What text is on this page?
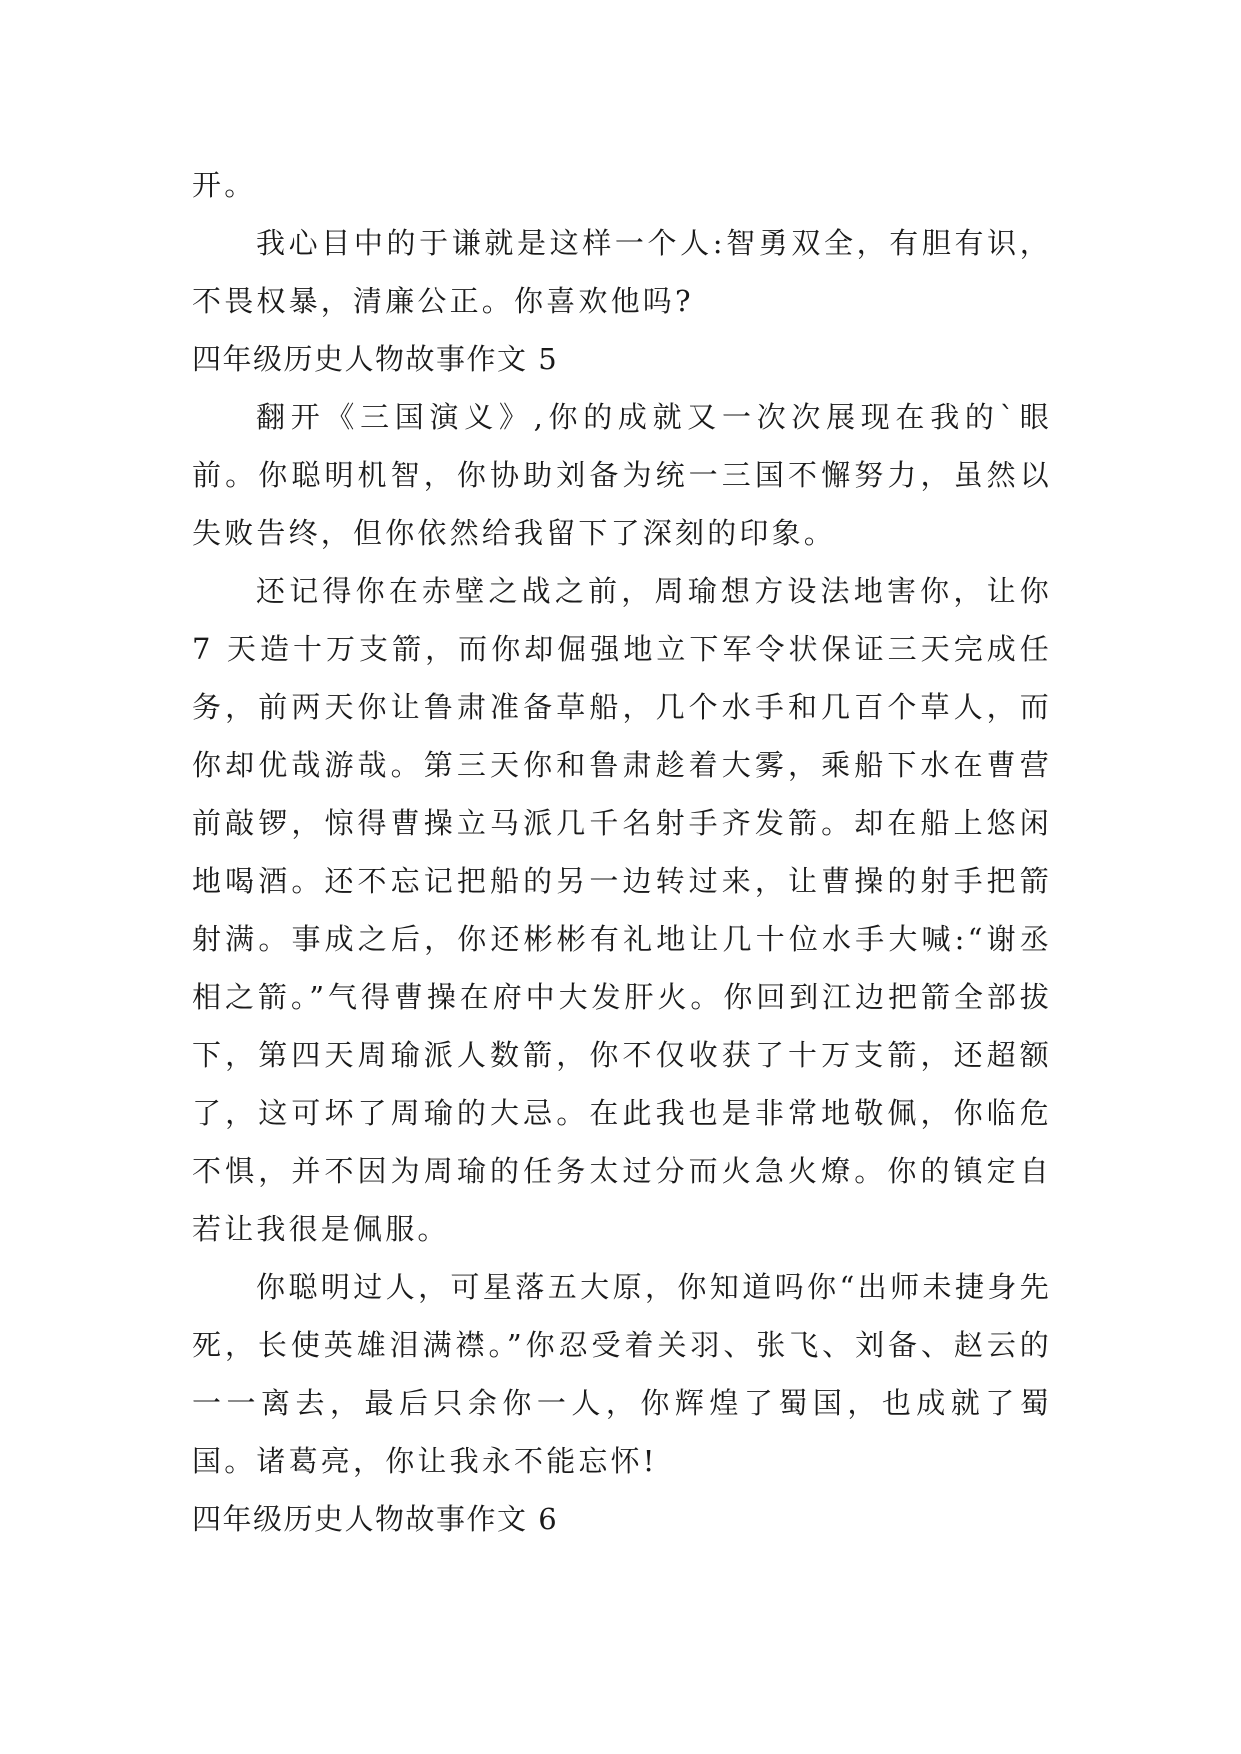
开。

我心目中的于谦就是这样一个人:智勇双全，有胆有识，不畏权暴，清廉公正。你喜欢他吗?

四年级历史人物故事作文 5

翻开《三国演义》,你的成就又一次次展现在我的`眼前。你聪明机智，你协助刘备为统一三国不懈努力，虽然以失败告终，但你依然给我留下了深刻的印象。

还记得你在赤壁之战之前，周瑜想方设法地害你，让你 7 天造十万支箭，而你却倔强地立下军令状保证三天完成任务，前两天你让鲁肃准备草船，几个水手和几百个草人，而你却优哉游哉。第三天你和鲁肃趁着大雾，乘船下水在曹营前敲锣，惊得曹操立马派几千名射手齐发箭。却在船上悠闲地喝酒。还不忘记把船的另一边转过来，让曹操的射手把箭射满。事成之后，你还彬彬有礼地让几十位水手大喊:“谢丞相之箭。”气得曹操在府中大发肝火。你回到江边把箭全部拔下，第四天周瑜派人数箭，你不仅收获了十万支箭，还超额了，这可坏了周瑜的大忌。在此我也是非常地敬佩，你临危不惧，并不因为周瑜的任务太过分而火急火燎。你的镇定自若让我很是佩服。

你聪明过人，可星落五大原，你知道吗你“出师未捷身先死，长使英雄泪满襟。”你忍受着关羽、张飞、刘备、赵云的一一离去，最后只余你一人，你辉煌了蜀国，也成就了蜀国。诸葛亮，你让我永不能忘怀!

四年级历史人物故事作文 6
